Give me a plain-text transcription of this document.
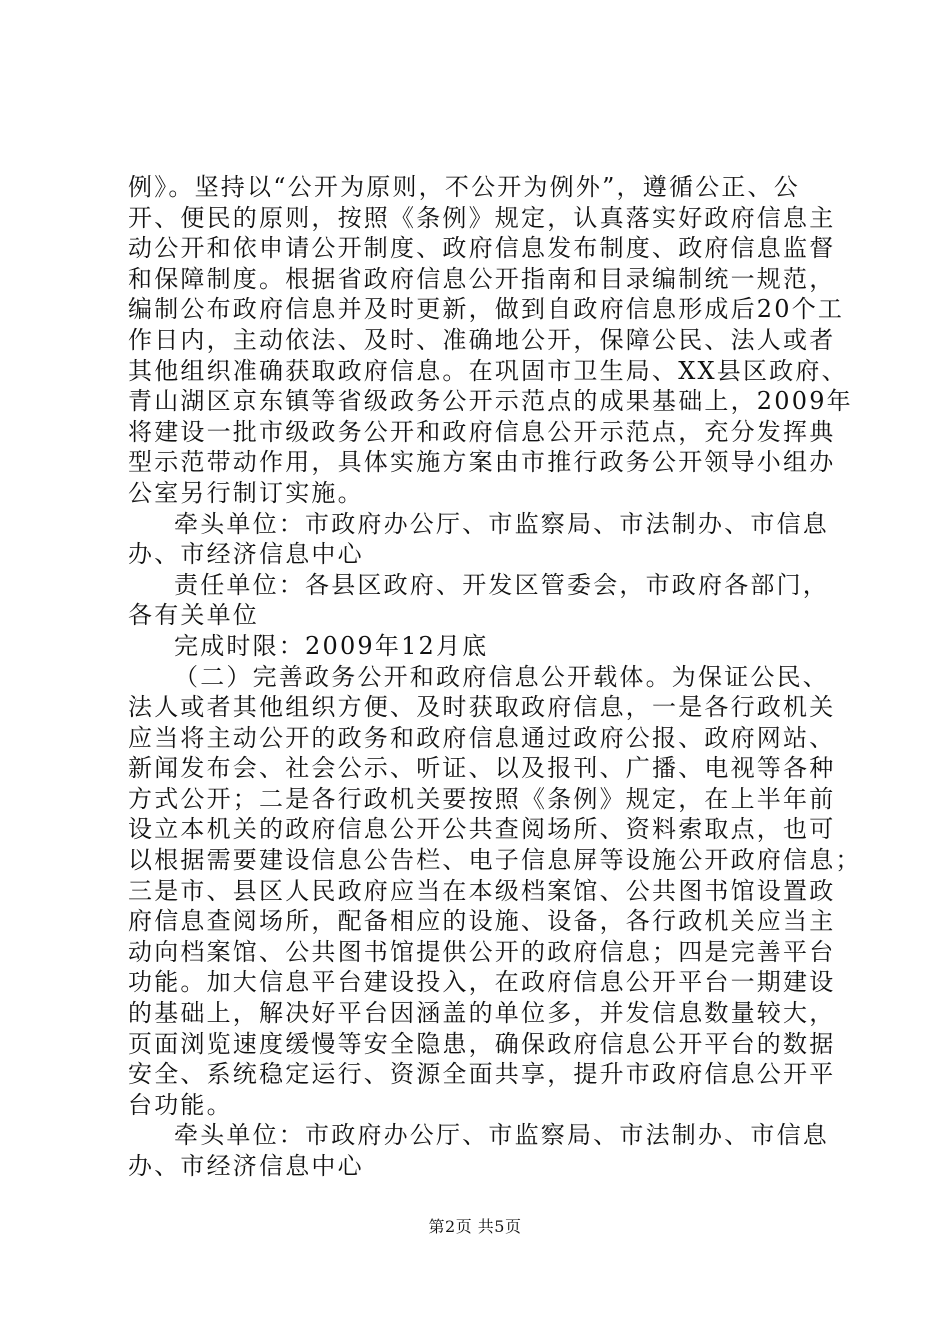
例》。坚持以“公开为原则，不公开为例外”，遵循公正、公
开、便民的原则，按照《条例》规定，认真落实好政府信息主
动公开和依申请公开制度、政府信息发布制度、政府信息监督
和保障制度。根据省政府信息公开指南和目录编制统一规范，
编制公布政府信息并及时更新，做到自政府信息形成后20个工
作日内，主动依法、及时、准确地公开，保障公民、法人或者
其他组织准确获取政府信息。在巩固市卫生局、XX县区政府、
青山湖区京东镇等省级政务公开示范点的成果基础上，2009年
将建设一批市级政务公开和政府信息公开示范点，充分发挥典
型示范带动作用，具体实施方案由市推行政务公开领导小组办
公室另行制订实施。
牵头单位：市政府办公厅、市监察局、市法制办、市信息
办、市经济信息中心
责任单位：各县区政府、开发区管委会，市政府各部门，
各有关单位
完成时限：2009年12月底
（二）完善政务公开和政府信息公开载体。为保证公民、
法人或者其他组织方便、及时获取政府信息，一是各行政机关
应当将主动公开的政务和政府信息通过政府公报、政府网站、
新闻发布会、社会公示、听证、以及报刊、广播、电视等各种
方式公开；二是各行政机关要按照《条例》规定，在上半年前
设立本机关的政府信息公开公共查阅场所、资料索取点，也可
以根据需要建设信息公告栏、电子信息屏等设施公开政府信息；
三是市、县区人民政府应当在本级档案馆、公共图书馆设置政
府信息查阅场所，配备相应的设施、设备，各行政机关应当主
动向档案馆、公共图书馆提供公开的政府信息；四是完善平台
功能。加大信息平台建设投入，在政府信息公开平台一期建设
的基础上，解决好平台因涵盖的单位多，并发信息数量较大，
页面浏览速度缓慢等安全隐患，确保政府信息公开平台的数据
安全、系统稳定运行、资源全面共享，提升市政府信息公开平
台功能。
牵头单位：市政府办公厅、市监察局、市法制办、市信息
办、市经济信息中心
第2页 共5页
